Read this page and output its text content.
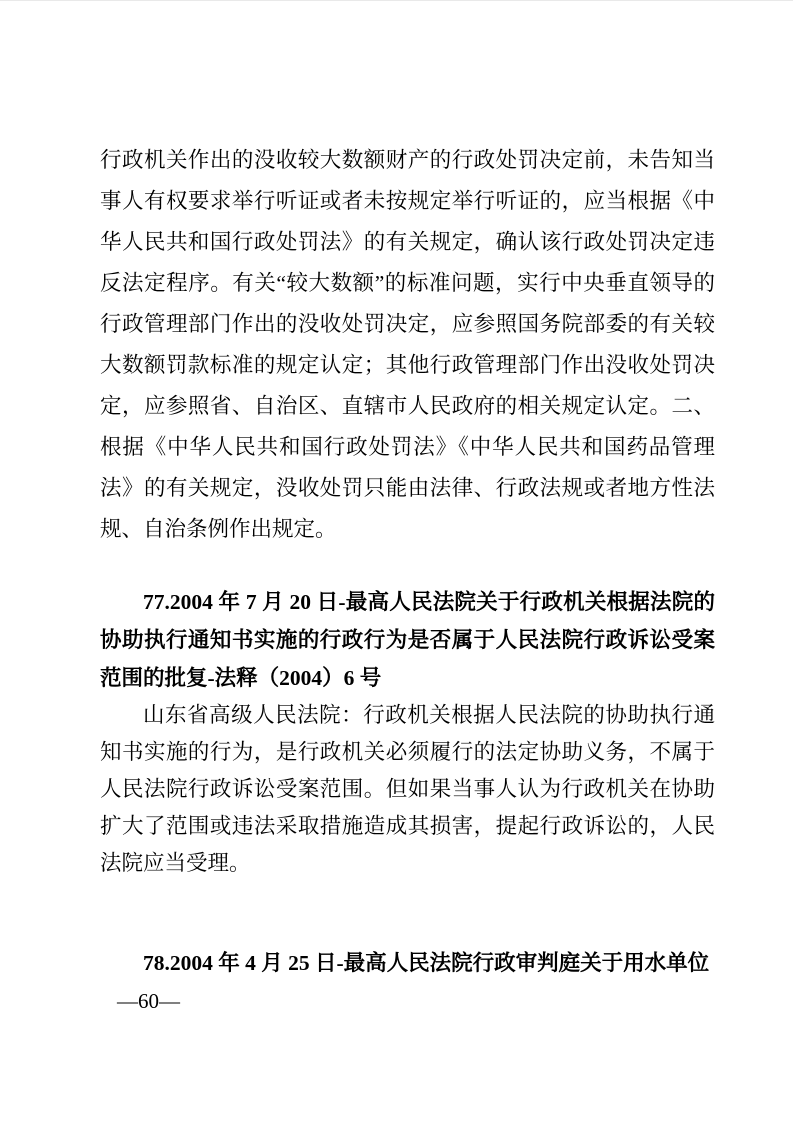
行政机关作出的没收较大数额财产的行政处罚决定前，未告知当事人有权要求举行听证或者未按规定举行听证的，应当根据《中华人民共和国行政处罚法》的有关规定，确认该行政处罚决定违反法定程序。有关“较大数额”的标准问题，实行中央垂直领导的行政管理部门作出的没收处罚决定，应参照国务院部委的有关较大数额罚款标准的规定认定；其他行政管理部门作出没收处罚决定，应参照省、自治区、直辖市人民政府的相关规定认定。二、根据《中华人民共和国行政处罚法》《中华人民共和国药品管理法》的有关规定，没收处罚只能由法律、行政法规或者地方性法规、自治条例作出规定。

77.2004 年 7 月 20 日-最高人民法院关于行政机关根据法院的协助执行通知书实施的行政行为是否属于人民法院行政诉讼受案范围的批复-法释（2004）6 号

山东省高级人民法院：行政机关根据人民法院的协助执行通知书实施的行为，是行政机关必须履行的法定协助义务，不属于人民法院行政诉讼受案范围。但如果当事人认为行政机关在协助扩大了范围或违法采取措施造成其损害，提起行政诉讼的，人民法院应当受理。

78.2004 年 4 月 25 日-最高人民法院行政审判庭关于用水单位
—60—
